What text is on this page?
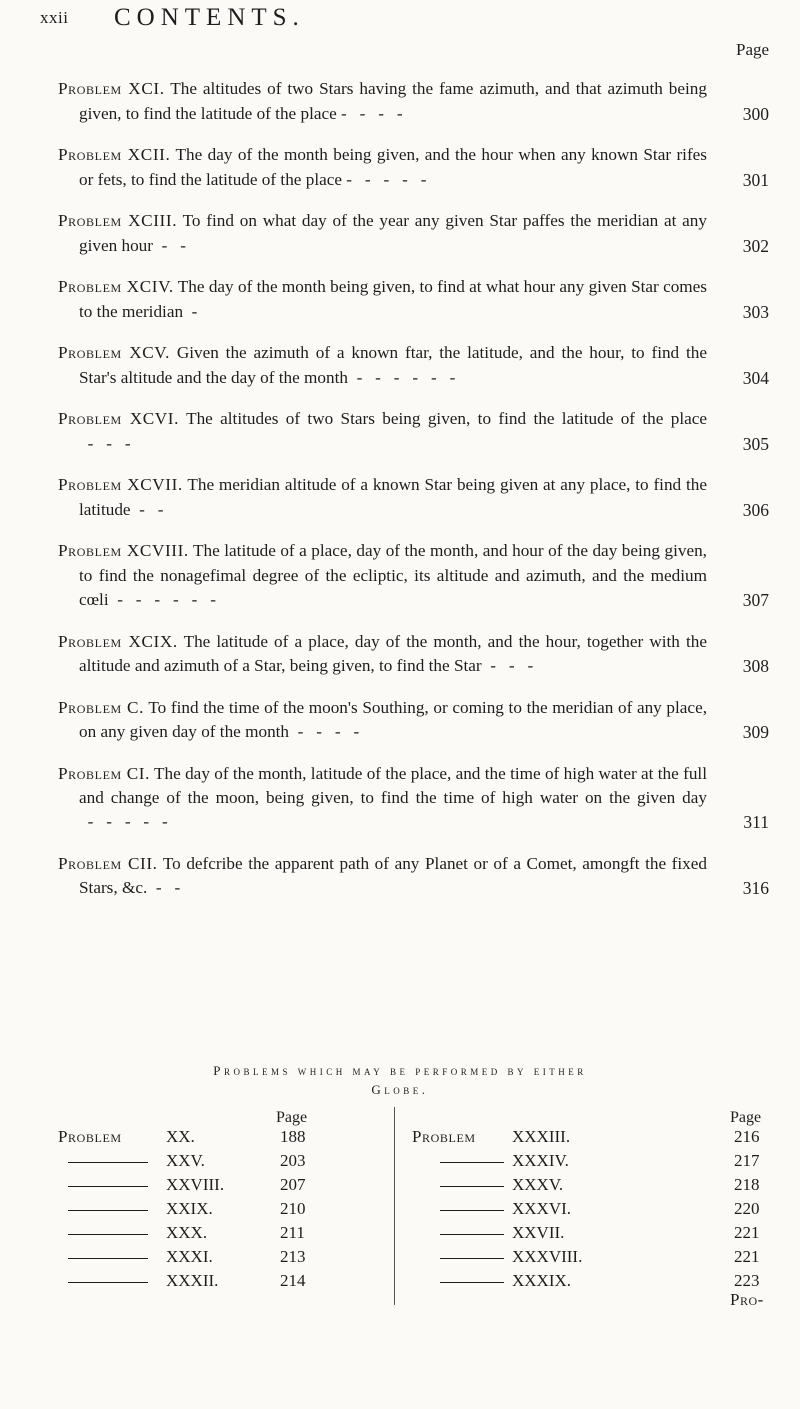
xxii CONTENTS.
Page

Problem XCI. The altitudes of two Stars having the fame azimuth, and that azimuth being given, to find the latitude of the place -   -   -   -	300

Problem XCII. The day of the month being given, and the hour when any known Star rifes or fets, to find the latitude of the place -   -   -   -   -	301

Problem XCIII. To find on what day of the year any given Star paffes the meridian at any given hour  -   -	302

Problem XCIV. The day of the month being given, to find at what hour any given Star comes to the meridian  -	303

Problem XCV. Given the azimuth of a known ftar, the latitude, and the hour, to find the Star's altitude and the day of the month  -   -   -   -   -   -	304

Problem XCVI. The altitudes of two Stars being given, to find the latitude of the place  -   -   -	305

Problem XCVII. The meridian altitude of a known Star being given at any place, to find the latitude  -   -	306

Problem XCVIII. The latitude of a place, day of the month, and hour of the day being given, to find the nonagefimal degree of the ecliptic, its altitude and azimuth, and the medium cœli  -   -   -   -   -   -	307

Problem XCIX. The latitude of a place, day of the month, and the hour, together with the altitude and azimuth of a Star, being given, to find the Star  -   -   -	308

Problem C. To find the time of the moon's Southing, or coming to the meridian of any place, on any given day of the month  -   -   -   -	309

Problem CI. The day of the month, latitude of the place, and the time of high water at the full and change of the moon, being given, to find the time of high water on the given day  -   -   -   -   -	311

Problem CII. To defcribe the apparent path of any Planet or of a Comet, amongft the fixed Stars, &c.  -   -	316

Problems which may be performed by either
Globe.
Page
Problem	XX.	188
XXV.	203
XXVIII.	207
XXIX.	210
XXX.	211
XXXI.	213
XXXII.	214
Page
Problem XXXIII.	216
XXXIV.	217
XXXV.	218
XXXVI.	220
XXVII.	221
XXXVIII.	221
XXXIX.	223
Pro-
